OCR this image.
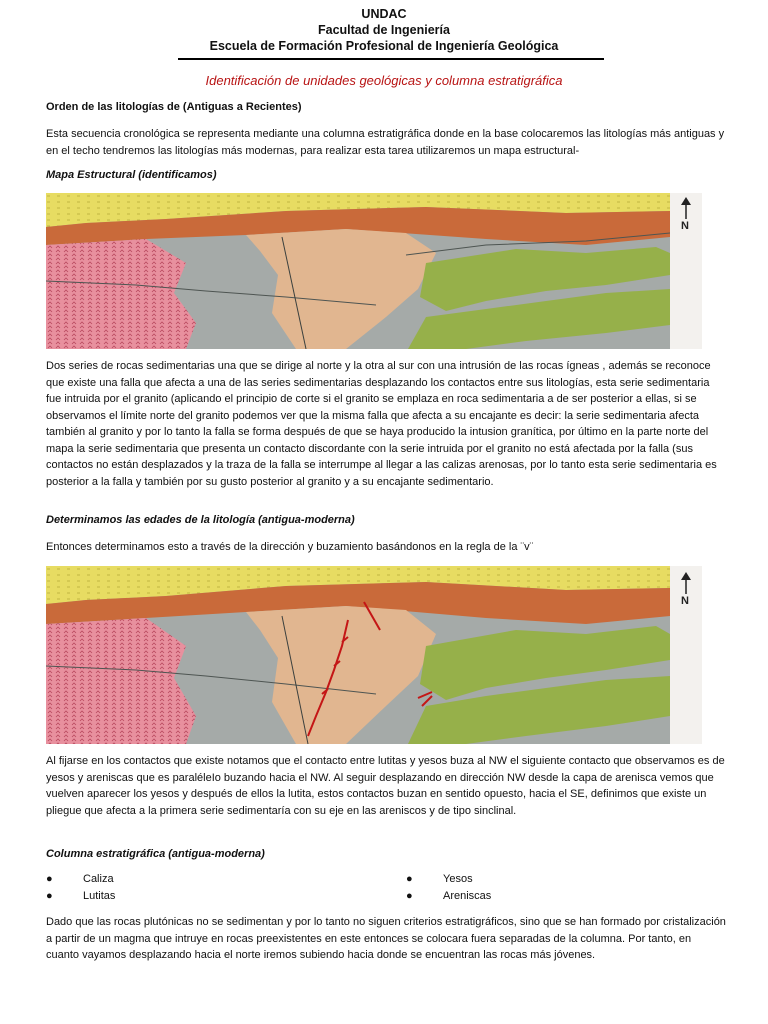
UNDAC
Facultad de Ingeniería
Escuela de Formación Profesional de Ingeniería Geológica
Identificación de unidades geológicas y columna estratigráfica
Orden de las litologías de (Antiguas a Recientes)
Esta secuencia cronológica se representa mediante una columna estratigráfica donde en la base colocaremos las litologías más antiguas y en el techo tendremos las litologías más modernas, para realizar esta tarea utilizaremos un mapa estructural-
Mapa Estructural (identificamos)
N
Dos series de rocas sedimentarias una que se dirige al norte y la otra al sur con una intrusión de las rocas ígneas , además se reconoce que existe una falla que afecta a una de las series sedimentarias desplazando los contactos entre sus litologías, esta serie sedimentaria fue intruida por el granito (aplicando el principio de corte si el granito se emplaza en roca sedimentaria a de ser posterior a ellas, si se observamos el límite norte del granito podemos ver que la misma falla que afecta a su encajante es decir: la serie sedimentaria afecta también al granito y por lo tanto la falla se forma después de que se haya producido la intusion granítica, por último en la parte norte del mapa la serie sedimentaria que presenta un contacto discordante con la serie intruida por el granito no está afectada por la falla (sus contactos no están desplazados y la traza de la falla se interrumpe al llegar a las calizas arenosas, por lo tanto esta serie sedimentaria es posterior a la falla y también por su gusto posterior al granito y a su encajante sedimentario.
Determinamos las edades de la litología (antigua-moderna)
Entonces determinamos esto a través de la dirección y buzamiento basándonos en la regla de la ¨v¨
N
Al fijarse en los contactos que existe notamos que el contacto entre lutitas y yesos buza al NW el siguiente contacto que observamos es de yesos y areniscas que es paraléleIo buzando hacia el NW. Al seguir desplazando en dirección NW desde la capa de arenisca vemos que vuelven aparecer los yesos y después de ellos la lutita, estos contactos buzan en sentido opuesto, hacia el SE, definimos que existe un pliegue que afecta a la primera serie sedimentaría con su eje en las areniscos y de tipo sinclinal.
Columna estratigráfica (antigua-moderna)
●	Caliza
●	Lutitas
●	Yesos
●	Areniscas
Dado que las rocas plutónicas no se sedimentan y por lo tanto no siguen criterios estratigráficos, sino que se han formado por cristalización a partir de un magma que intruye en rocas preexistentes en este entonces se colocara fuera separadas de la columna. Por tanto, en cuanto vayamos desplazando hacia el norte iremos subiendo hacia donde se encuentran las rocas más jóvenes.
